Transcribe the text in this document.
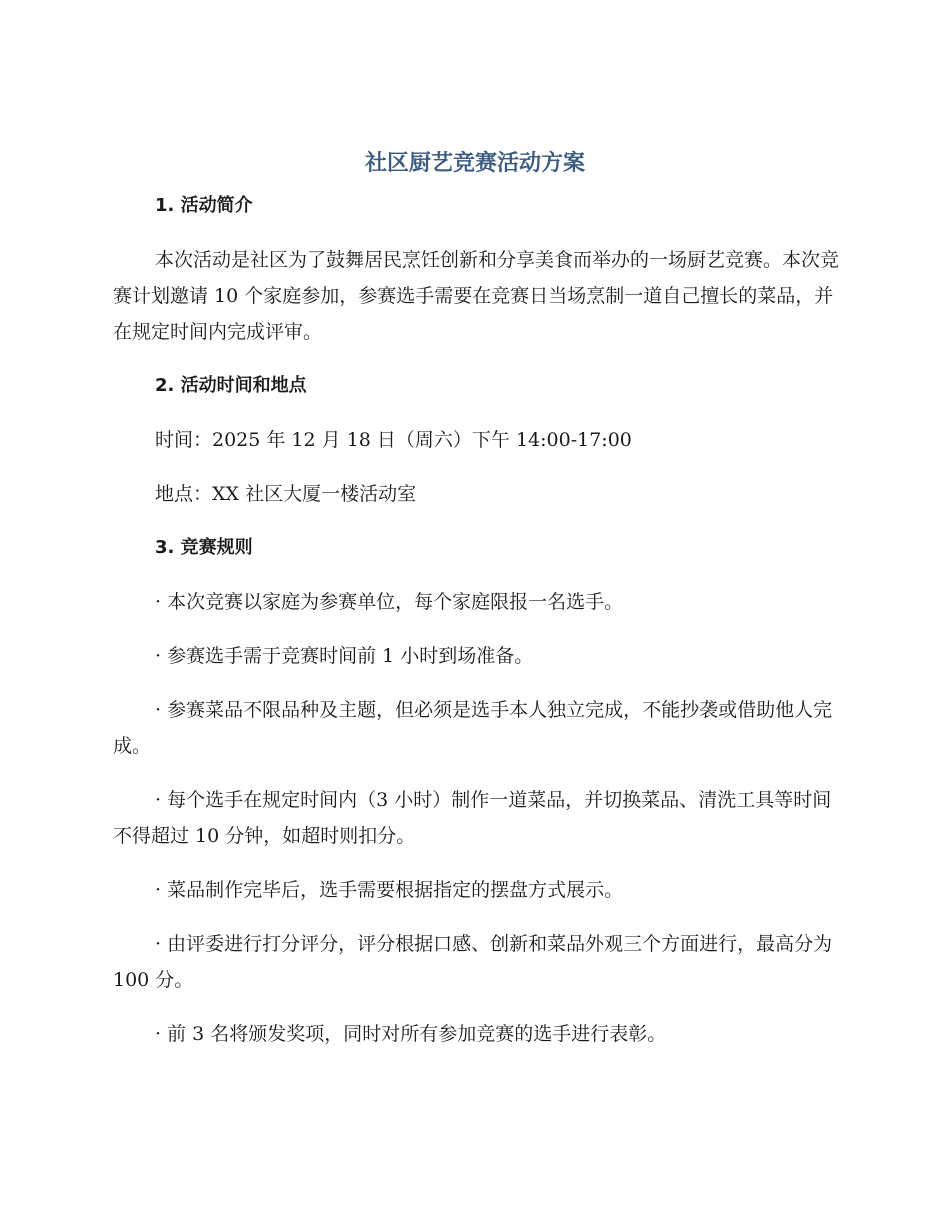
社区厨艺竞赛活动方案
1. 活动简介

本次活动是社区为了鼓舞居民烹饪创新和分享美食而举办的一场厨艺竞赛。本次竞赛计划邀请 10 个家庭参加，参赛选手需要在竞赛日当场烹制一道自己擅长的菜品，并在规定时间内完成评审。

2. 活动时间和地点

时间：2025 年 12 月 18 日（周六）下午 14:00-17:00

地点：XX 社区大厦一楼活动室

3. 竞赛规则

· 本次竞赛以家庭为参赛单位，每个家庭限报一名选手。

· 参赛选手需于竞赛时间前 1 小时到场准备。

· 参赛菜品不限品种及主题，但必须是选手本人独立完成，不能抄袭或借助他人完成。

· 每个选手在规定时间内（3 小时）制作一道菜品，并切换菜品、清洗工具等时间不得超过 10 分钟，如超时则扣分。

· 菜品制作完毕后，选手需要根据指定的摆盘方式展示。

· 由评委进行打分评分，评分根据口感、创新和菜品外观三个方面进行，最高分为 100 分。

· 前 3 名将颁发奖项，同时对所有参加竞赛的选手进行表彰。
